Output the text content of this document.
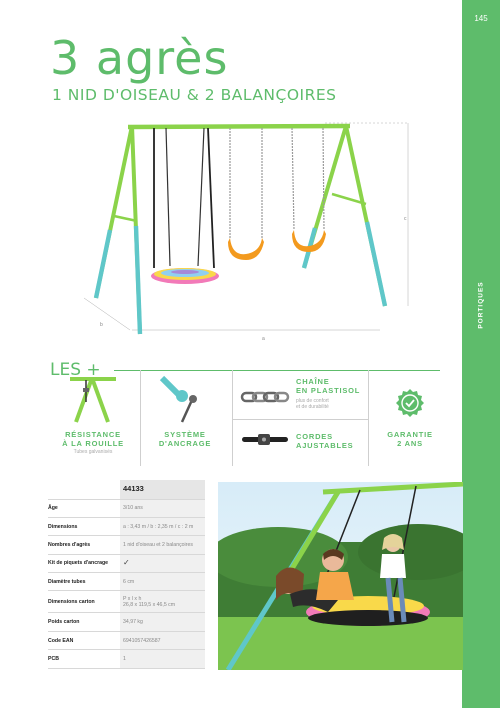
145
PORTIQUES
3 agrès
1 NID D'OISEAU & 2 BALANÇOIRES
b
a
c
LES +
RÉSISTANCE
À LA ROUILLE
Tubes galvanisés
SYSTÈME
D'ANCRAGE
CHAÎNE
EN PLASTISOL
plus de confort
et de durabilité
CORDES
AJUSTABLES
GARANTIE
2 ANS
	44133
Âge	3/10 ans
Dimensions	a : 3,43 m / b : 2,35 m / c : 2 m
Nombres d'agrès	1 nid d'oiseau et 2 balançoires
Kit de piquets d'ancrage	✓
Diamètre tubes	6 cm
Dimensions carton	P x l x h
26,8 x 119,5 x 46,5 cm
Poids carton	34,97 kg
Code EAN	6941057426587
PCB	1
